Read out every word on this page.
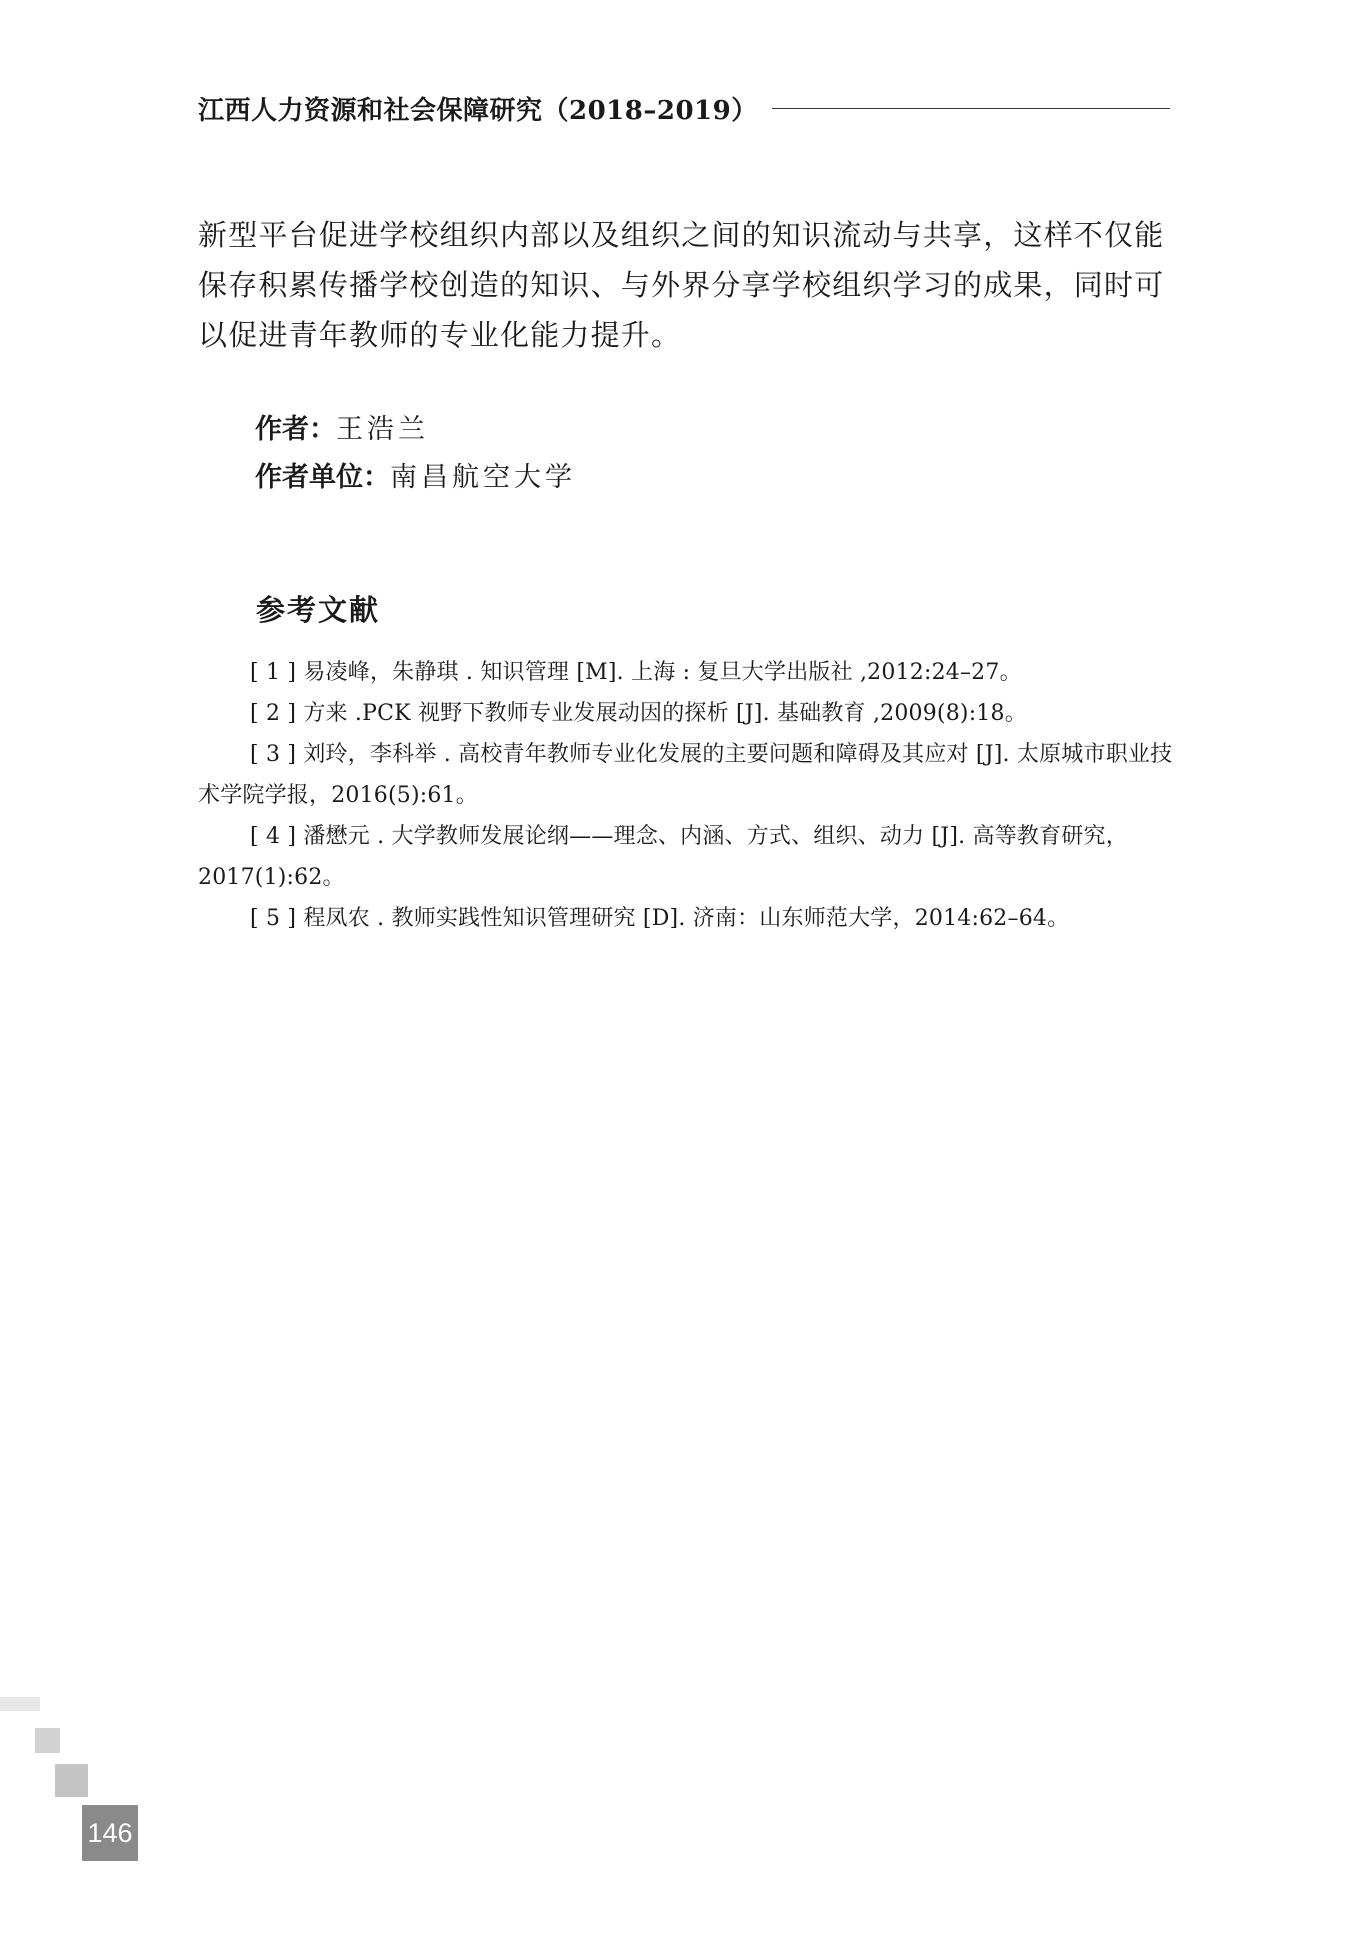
江西人力资源和社会保障研究（2018–2019）

新型平台促进学校组织内部以及组织之间的知识流动与共享，这样不仅能保存积累传播学校创造的知识、与外界分享学校组织学习的成果，同时可以促进青年教师的专业化能力提升。

作者：王浩兰
作者单位：南昌航空大学
参考文献
[ 1 ] 易凌峰，朱静琪 . 知识管理 [M]. 上海 : 复旦大学出版社 ,2012:24–27。
[ 2 ] 方来 .PCK 视野下教师专业发展动因的探析 [J]. 基础教育 ,2009(8):18。
[ 3 ] 刘玲，李科举 . 高校青年教师专业化发展的主要问题和障碍及其应对 [J]. 太原城市职业技术学院学报，2016(5):61。
[ 4 ] 潘懋元 . 大学教师发展论纲——理念、内涵、方式、组织、动力 [J]. 高等教育研究，2017(1):62。
[ 5 ] 程凤农 . 教师实践性知识管理研究 [D]. 济南：山东师范大学，2014:62–64。
146
